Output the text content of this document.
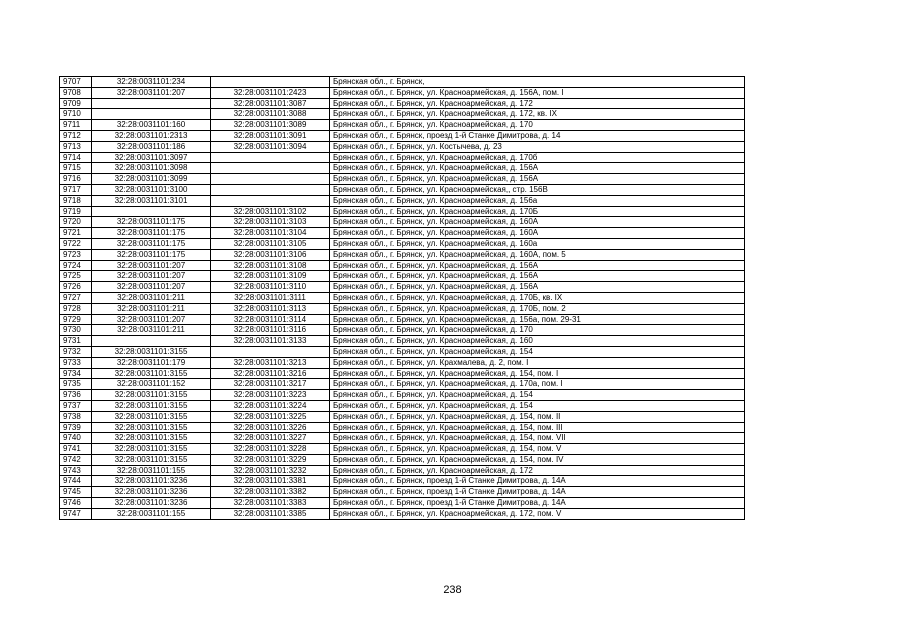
9707	32:28:0031101:234		Брянская обл., г. Брянск,
9708	32:28:0031101:207	32:28:0031101:2423	Брянская обл., г. Брянск, ул. Красноармейская, д. 156А, пом. I
9709		32:28:0031101:3087	Брянская обл., г. Брянск, ул. Красноармейская, д. 172
9710		32:28:0031101:3088	Брянская обл., г. Брянск, ул. Красноармейская, д. 172, кв. IX
9711	32:28:0031101:160	32:28:0031101:3089	Брянская обл., г. Брянск, ул. Красноармейская, д. 170
9712	32:28:0031101:2313	32:28:0031101:3091	Брянская обл., г. Брянск, проезд 1-й Станке Димитрова, д. 14
9713	32:28:0031101:186	32:28:0031101:3094	Брянская обл., г. Брянск, ул. Костычева, д. 23
9714	32:28:0031101:3097		Брянская обл., г. Брянск, ул. Красноармейская, д. 170б
9715	32:28:0031101:3098		Брянская обл., г. Брянск, ул. Красноармейская, д. 156А
9716	32:28:0031101:3099		Брянская обл., г. Брянск, ул. Красноармейская, д. 156А
9717	32:28:0031101:3100		Брянская обл., г. Брянск, ул. Красноармейская,, стр. 156В
9718	32:28:0031101:3101		Брянская обл., г. Брянск, ул. Красноармейская, д. 156а
9719		32:28:0031101:3102	Брянская обл., г. Брянск, ул. Красноармейская, д. 170Б
9720	32:28:0031101:175	32:28:0031101:3103	Брянская обл., г. Брянск, ул. Красноармейская, д. 160А
9721	32:28:0031101:175	32:28:0031101:3104	Брянская обл., г. Брянск, ул. Красноармейская, д. 160А
9722	32:28:0031101:175	32:28:0031101:3105	Брянская обл., г. Брянск, ул. Красноармейская, д. 160а
9723	32:28:0031101:175	32:28:0031101:3106	Брянская обл., г. Брянск, ул. Красноармейская, д. 160А, пом. 5
9724	32:28:0031101:207	32:28:0031101:3108	Брянская обл., г. Брянск, ул. Красноармейская, д. 156А
9725	32:28:0031101:207	32:28:0031101:3109	Брянская обл., г. Брянск, ул. Красноармейская, д. 156А
9726	32:28:0031101:207	32:28:0031101:3110	Брянская обл., г. Брянск, ул. Красноармейская, д. 156А
9727	32:28:0031101:211	32:28:0031101:3111	Брянская обл., г. Брянск, ул. Красноармейская, д. 170Б, кв. IX
9728	32:28:0031101:211	32:28:0031101:3113	Брянская обл., г. Брянск, ул. Красноармейская, д. 170Б, пом. 2
9729	32:28:0031101:207	32:28:0031101:3114	Брянская обл., г. Брянск, ул. Красноармейская, д. 156а, пом. 29-31
9730	32:28:0031101:211	32:28:0031101:3116	Брянская обл., г. Брянск, ул. Красноармейская, д. 170
9731		32:28:0031101:3133	Брянская обл., г. Брянск, ул. Красноармейская, д. 160
9732	32:28:0031101:3155		Брянская обл., г. Брянск, ул. Красноармейская, д. 154
9733	32:28:0031101:179	32:28:0031101:3213	Брянская обл., г. Брянск, ул. Крахмалева, д. 2, пом. I
9734	32:28:0031101:3155	32:28:0031101:3216	Брянская обл., г. Брянск, ул. Красноармейская, д. 154, пом. I
9735	32:28:0031101:152	32:28:0031101:3217	Брянская обл., г. Брянск, ул. Красноармейская, д. 170а, пом. I
9736	32:28:0031101:3155	32:28:0031101:3223	Брянская обл., г. Брянск, ул. Красноармейская, д. 154
9737	32:28:0031101:3155	32:28:0031101:3224	Брянская обл., г. Брянск, ул. Красноармейская, д. 154
9738	32:28:0031101:3155	32:28:0031101:3225	Брянская обл., г. Брянск, ул. Красноармейская, д. 154, пом. II
9739	32:28:0031101:3155	32:28:0031101:3226	Брянская обл., г. Брянск, ул. Красноармейская, д. 154, пом. III
9740	32:28:0031101:3155	32:28:0031101:3227	Брянская обл., г. Брянск, ул. Красноармейская, д. 154, пом. VII
9741	32:28:0031101:3155	32:28:0031101:3228	Брянская обл., г. Брянск, ул. Красноармейская, д. 154, пом. V
9742	32:28:0031101:3155	32:28:0031101:3229	Брянская обл., г. Брянск, ул. Красноармейская, д. 154, пом. IV
9743	32:28:0031101:155	32:28:0031101:3232	Брянская обл., г. Брянск, ул. Красноармейская, д. 172
9744	32:28:0031101:3236	32:28:0031101:3381	Брянская обл., г. Брянск, проезд 1-й Станке Димитрова, д. 14А
9745	32:28:0031101:3236	32:28:0031101:3382	Брянская обл., г. Брянск, проезд 1-й Станке Димитрова, д. 14А
9746	32:28:0031101:3236	32:28:0031101:3383	Брянская обл., г. Брянск, проезд 1-й Станке Димитрова, д. 14А
9747	32:28:0031101:155	32:28:0031101:3385	Брянская обл., г. Брянск, ул. Красноармейская, д. 172, пом. V
238
